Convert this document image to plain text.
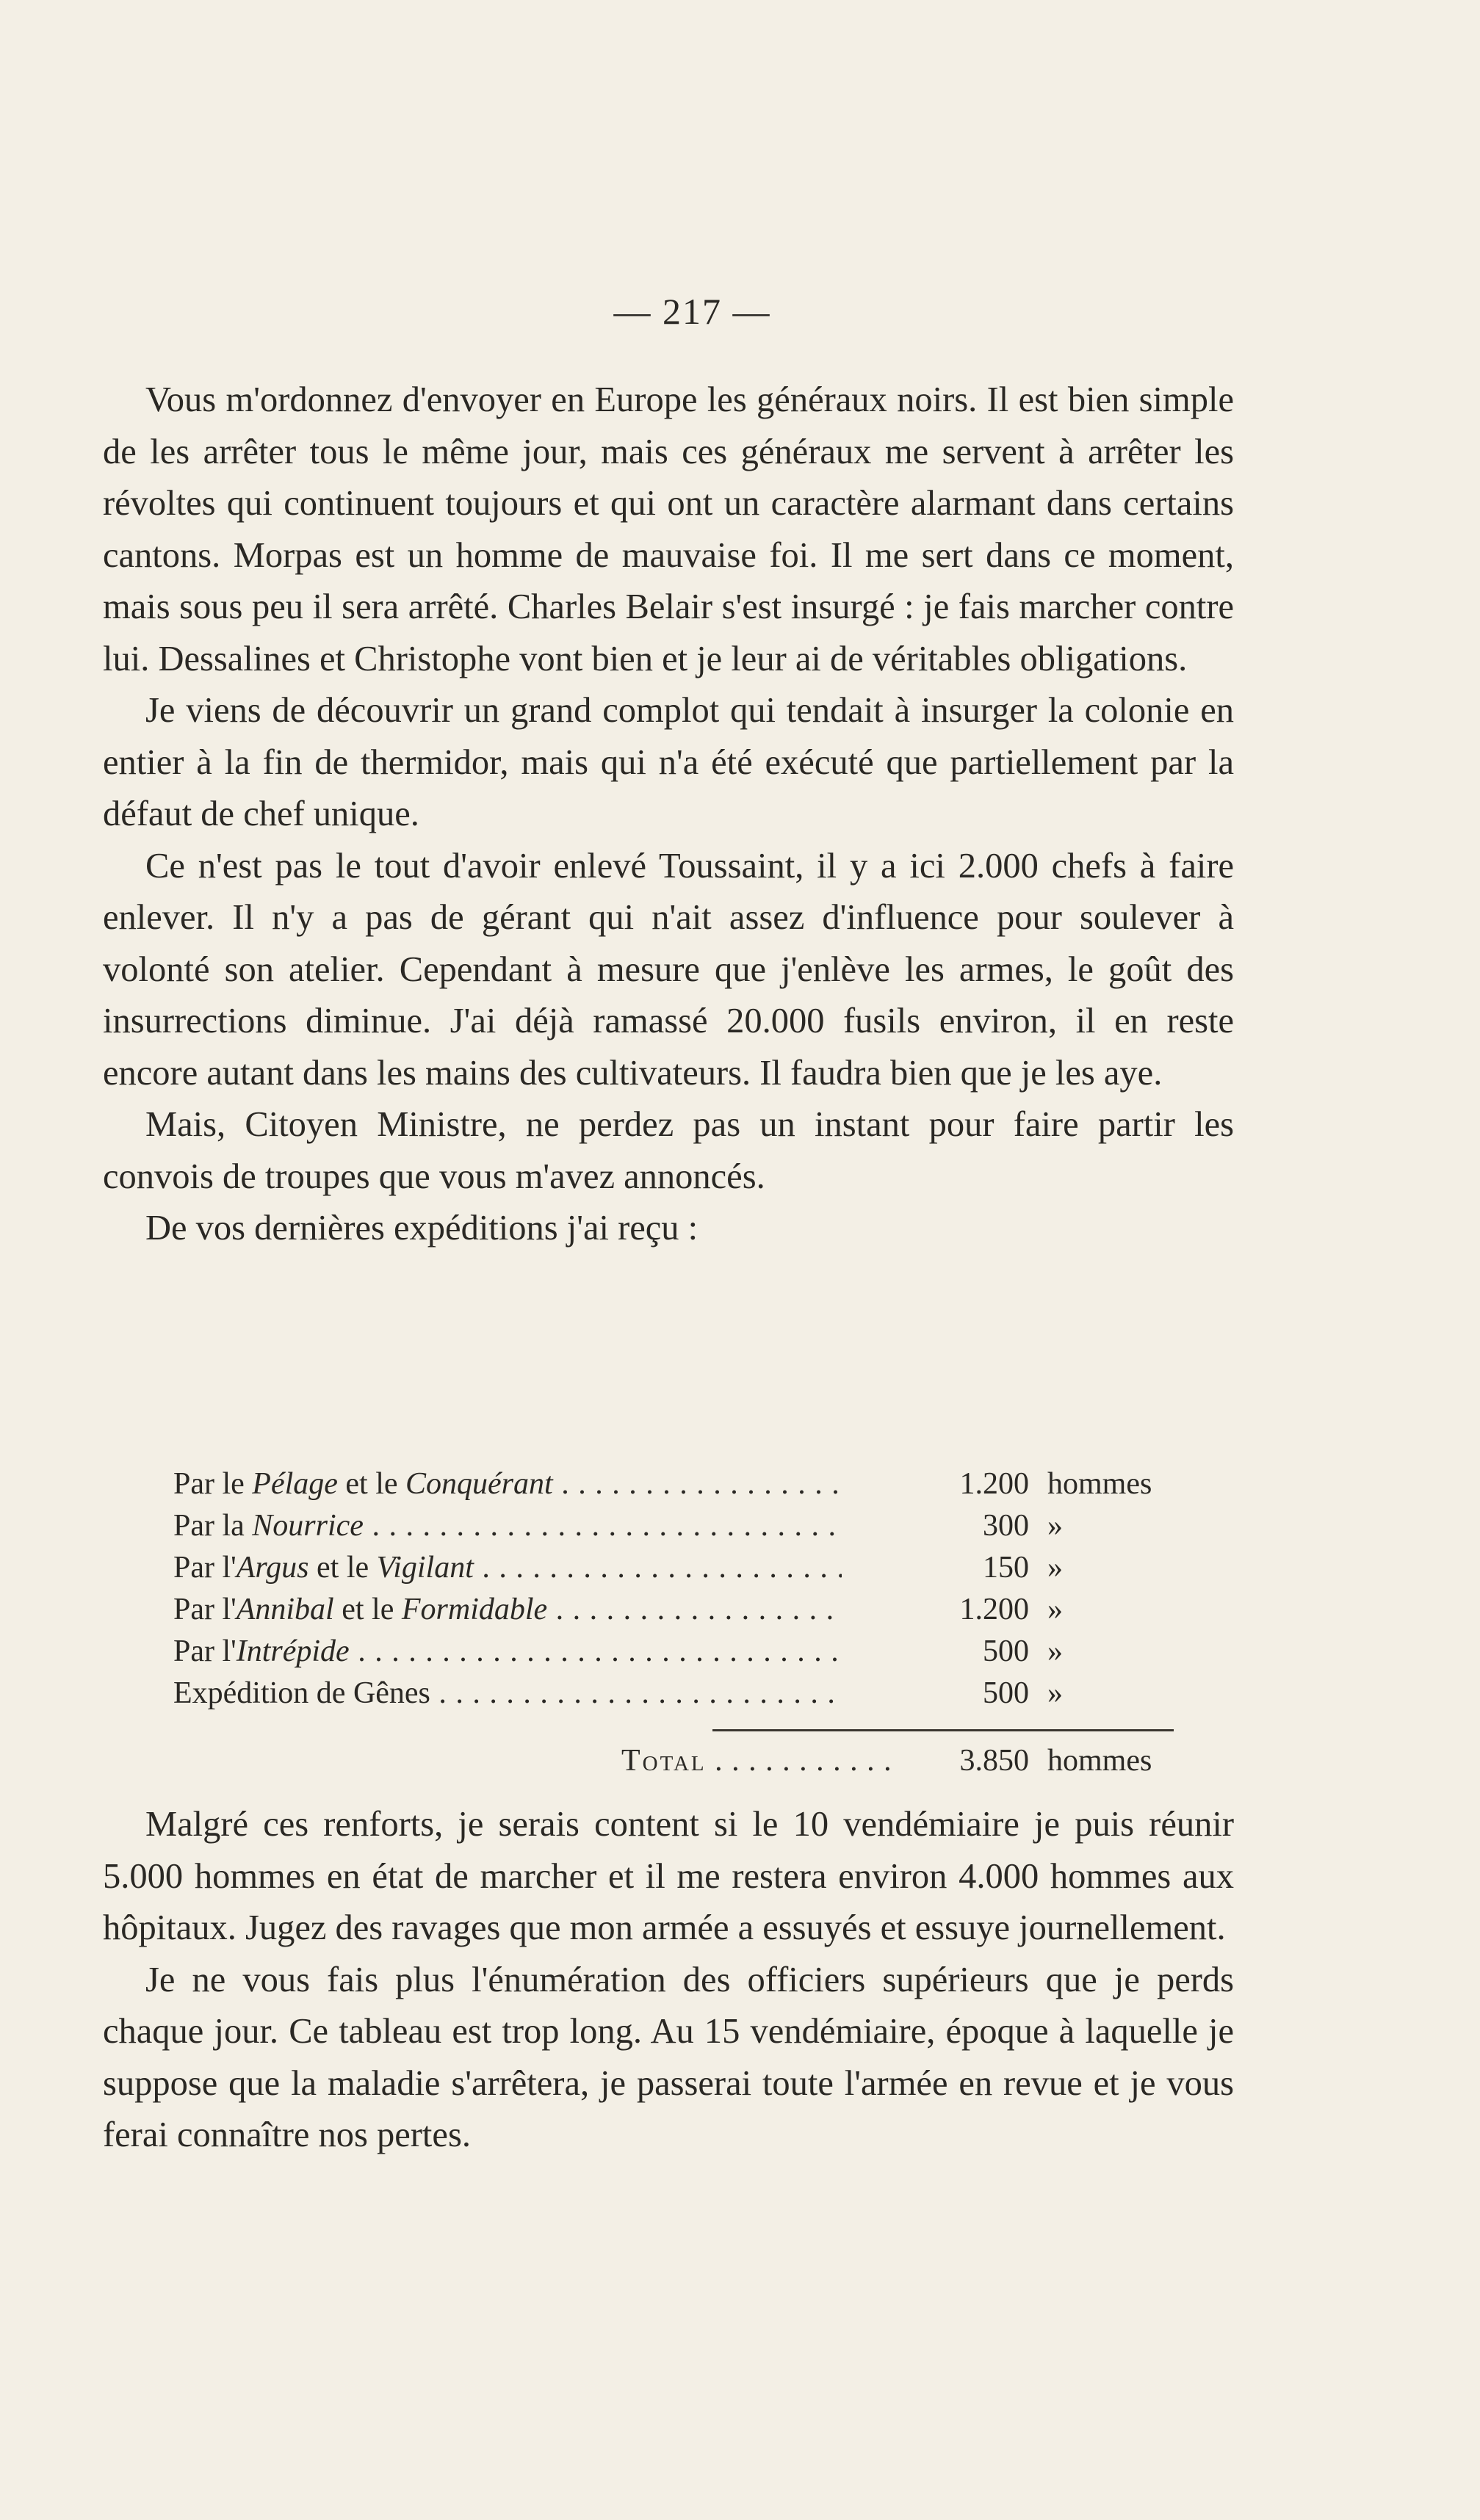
— 217 —

Vous m'ordonnez d'envoyer en Europe les généraux noirs. Il est bien simple de les arrêter tous le même jour, mais ces généraux me servent à arrêter les révoltes qui continuent toujours et qui ont un caractère alarmant dans certains cantons. Morpas est un homme de mauvaise foi. Il me sert dans ce moment, mais sous peu il sera arrêté. Charles Belair s'est insurgé : je fais marcher contre lui. Dessalines et Christophe vont bien et je leur ai de véritables obligations.

Je viens de découvrir un grand complot qui tendait à insurger la colonie en entier à la fin de thermidor, mais qui n'a été exécuté que partiellement par la défaut de chef unique.

Ce n'est pas le tout d'avoir enlevé Toussaint, il y a ici 2.000 chefs à faire enlever. Il n'y a pas de gérant qui n'ait assez d'influence pour soulever à volonté son atelier. Cependant à mesure que j'enlève les armes, le goût des insurrections diminue. J'ai déjà ramassé 20.000 fusils environ, il en reste encore autant dans les mains des cultivateurs. Il faudra bien que je les aye.

Mais, Citoyen Ministre, ne perdez pas un instant pour faire partir les convois de troupes que vous m'avez annoncés.

De vos dernières expéditions j'ai reçu :

Par le Pélage et le Conquérant . . .	1.200 hommes
Par la Nourrice . . .	300 »
Par l'Argus et le Vigilant . . .	150 »
Par l'Annibal et le Formidable . . .	1.200 »
Par l'Intrépide . . .	500 »
Expédition de Gênes . . .	500 »
Total . . .	3.850 hommes

Malgré ces renforts, je serais content si le 10 vendémiaire je puis réunir 5.000 hommes en état de marcher et il me restera environ 4.000 hommes aux hôpitaux. Jugez des ravages que mon armée a essuyés et essuye journellement.

Je ne vous fais plus l'énumération des officiers supérieurs que je perds chaque jour. Ce tableau est trop long. Au 15 vendémiaire, époque à laquelle je suppose que la maladie s'arrêtera, je passerai toute l'armée en revue et je vous ferai connaître nos pertes.
